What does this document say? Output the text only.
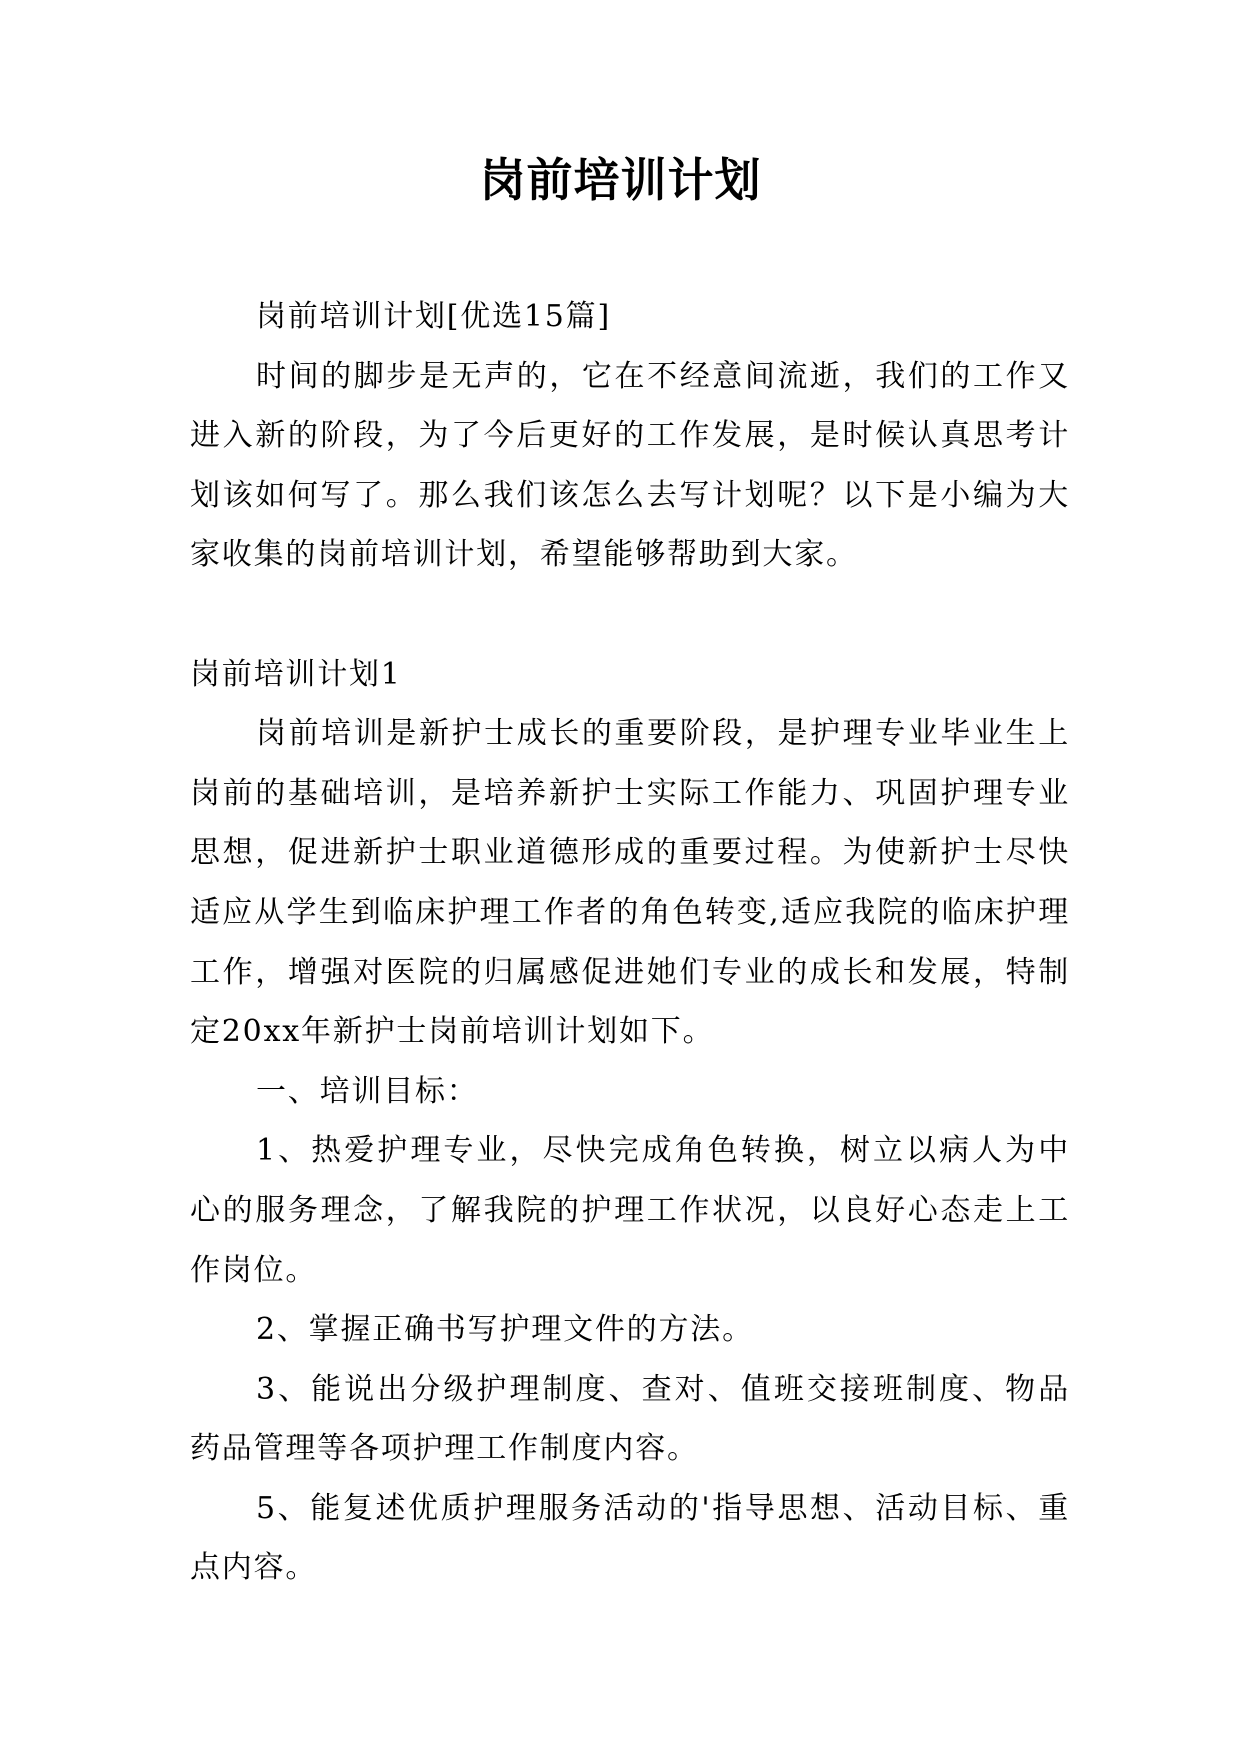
岗前培训计划

岗前培训计划[优选15篇]

时间的脚步是无声的，它在不经意间流逝，我们的工作又进入新的阶段，为了今后更好的工作发展，是时候认真思考计划该如何写了。那么我们该怎么去写计划呢？以下是小编为大家收集的岗前培训计划，希望能够帮助到大家。

岗前培训计划1

岗前培训是新护士成长的重要阶段，是护理专业毕业生上岗前的基础培训，是培养新护士实际工作能力、巩固护理专业思想，促进新护士职业道德形成的重要过程。为使新护士尽快适应从学生到临床护理工作者的角色转变,适应我院的临床护理工作，增强对医院的归属感促进她们专业的成长和发展，特制定20xx年新护士岗前培训计划如下。

一、培训目标：

1、热爱护理专业，尽快完成角色转换，树立以病人为中心的服务理念，了解我院的护理工作状况，以良好心态走上工作岗位。

2、掌握正确书写护理文件的方法。

3、能说出分级护理制度、查对、值班交接班制度、物品药品管理等各项护理工作制度内容。

5、能复述优质护理服务活动的'指导思想、活动目标、重点内容。
